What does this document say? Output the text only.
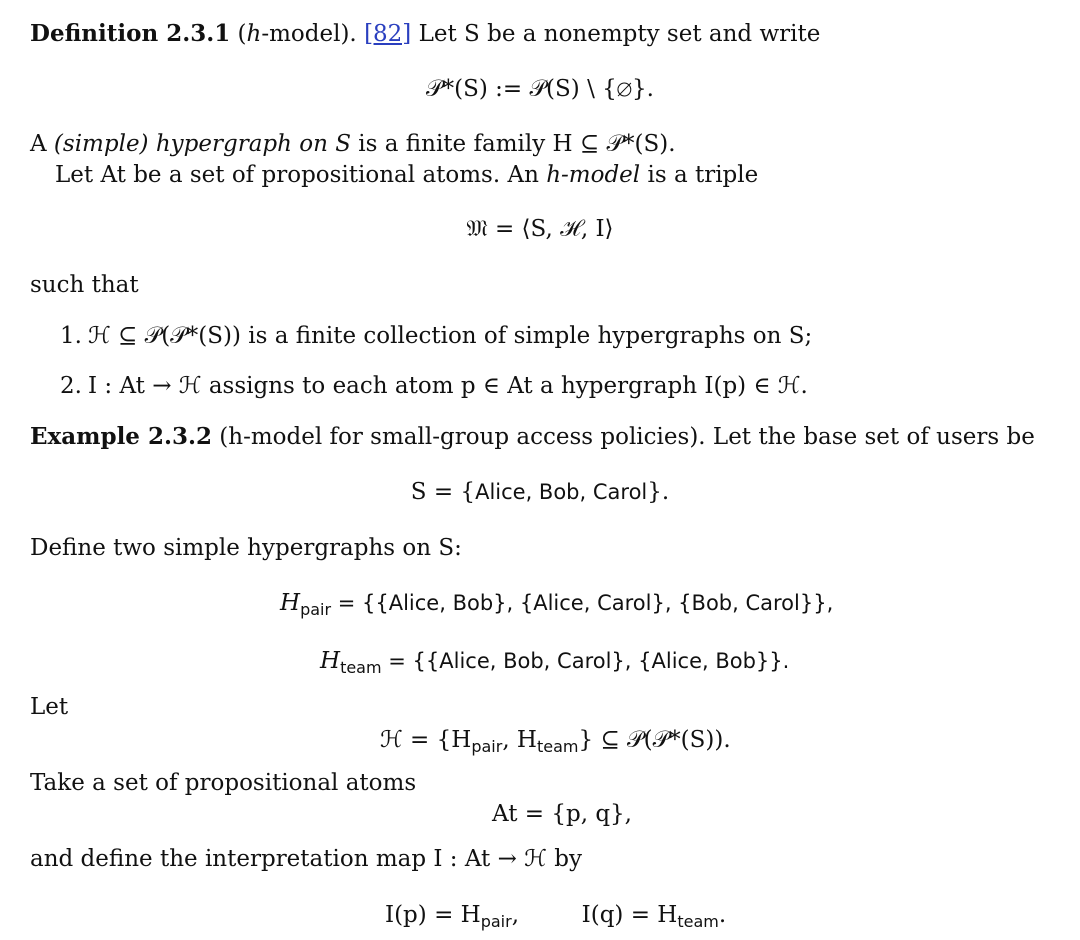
Definition 2.3.1 (h-model). [82] Let S be a nonempty set and write
𝒫*(S) := 𝒫(S) \ {∅}.
A (simple) hypergraph on S is a finite family H ⊆ 𝒫*(S).
Let At be a set of propositional atoms. An h-model is a triple
𝔐 = ⟨S, ℋ, I⟩
such that
1. ℋ ⊆ 𝒫(𝒫*(S)) is a finite collection of simple hypergraphs on S;
2. I : At → ℋ assigns to each atom p ∈ At a hypergraph I(p) ∈ ℋ.
Example 2.3.2 (h-model for small-group access policies). Let the base set of users be
S = {Alice, Bob, Carol}.
Define two simple hypergraphs on S:
$H_{pair}$ = {{Alice, Bob}, {Alice, Carol}, {Bob, Carol}},
$H_{team}$ = {{Alice, Bob, Carol}, {Alice, Bob}}.
Let
ℋ = {$H_{pair}$, $H_{team}$} ⊆ 𝒫(𝒫*(S)).
Take a set of propositional atoms
At = {p, q},
and define the interpretation map I : At → ℋ by
$I(p) = H_{pair}$,	$I(q) = H_{team}$.
